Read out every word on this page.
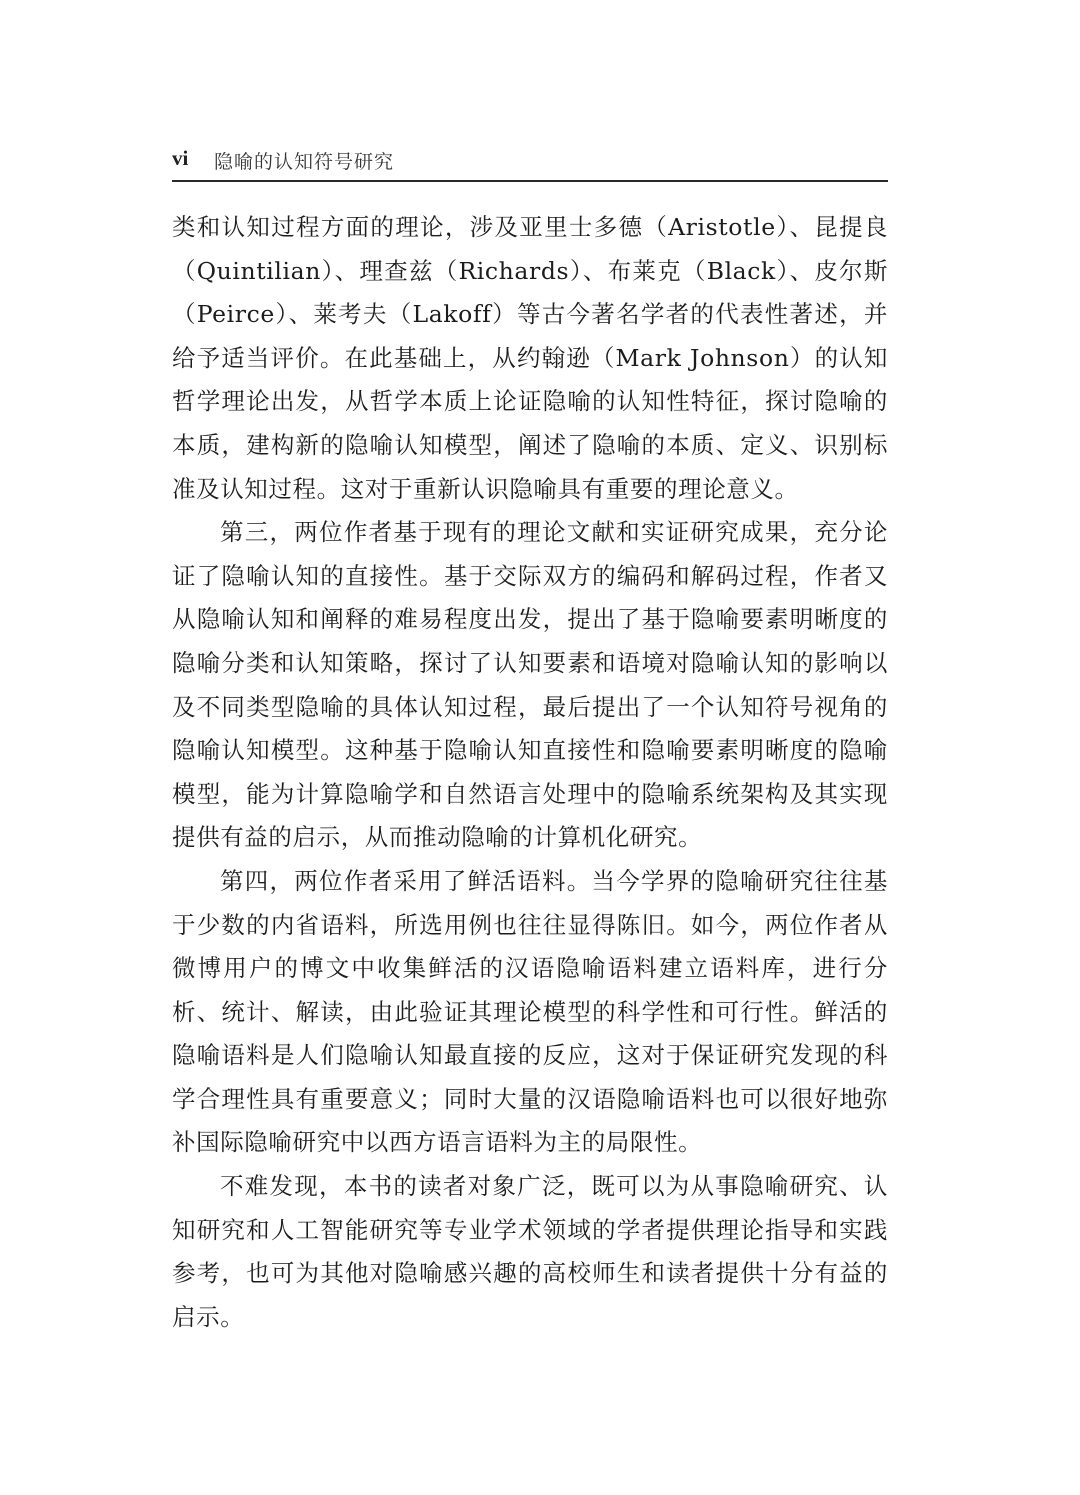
vi 隐喻的认知符号研究

类和认知过程方面的理论，涉及亚里士多德（Aristotle）、昆提良（Quintilian）、理查兹（Richards）、布莱克（Black）、皮尔斯（Peirce）、莱考夫（Lakoff）等古今著名学者的代表性著述，并给予适当评价。在此基础上，从约翰逊（Mark Johnson）的认知哲学理论出发，从哲学本质上论证隐喻的认知性特征，探讨隐喻的本质，建构新的隐喻认知模型，阐述了隐喻的本质、定义、识别标准及认知过程。这对于重新认识隐喻具有重要的理论意义。

第三，两位作者基于现有的理论文献和实证研究成果，充分论证了隐喻认知的直接性。基于交际双方的编码和解码过程，作者又从隐喻认知和阐释的难易程度出发，提出了基于隐喻要素明晰度的隐喻分类和认知策略，探讨了认知要素和语境对隐喻认知的影响以及不同类型隐喻的具体认知过程，最后提出了一个认知符号视角的隐喻认知模型。这种基于隐喻认知直接性和隐喻要素明晰度的隐喻模型，能为计算隐喻学和自然语言处理中的隐喻系统架构及其实现提供有益的启示，从而推动隐喻的计算机化研究。

第四，两位作者采用了鲜活语料。当今学界的隐喻研究往往基于少数的内省语料，所选用例也往往显得陈旧。如今，两位作者从微博用户的博文中收集鲜活的汉语隐喻语料建立语料库，进行分析、统计、解读，由此验证其理论模型的科学性和可行性。鲜活的隐喻语料是人们隐喻认知最直接的反应，这对于保证研究发现的科学合理性具有重要意义；同时大量的汉语隐喻语料也可以很好地弥补国际隐喻研究中以西方语言语料为主的局限性。

不难发现，本书的读者对象广泛，既可以为从事隐喻研究、认知研究和人工智能研究等专业学术领域的学者提供理论指导和实践参考，也可为其他对隐喻感兴趣的高校师生和读者提供十分有益的启示。
